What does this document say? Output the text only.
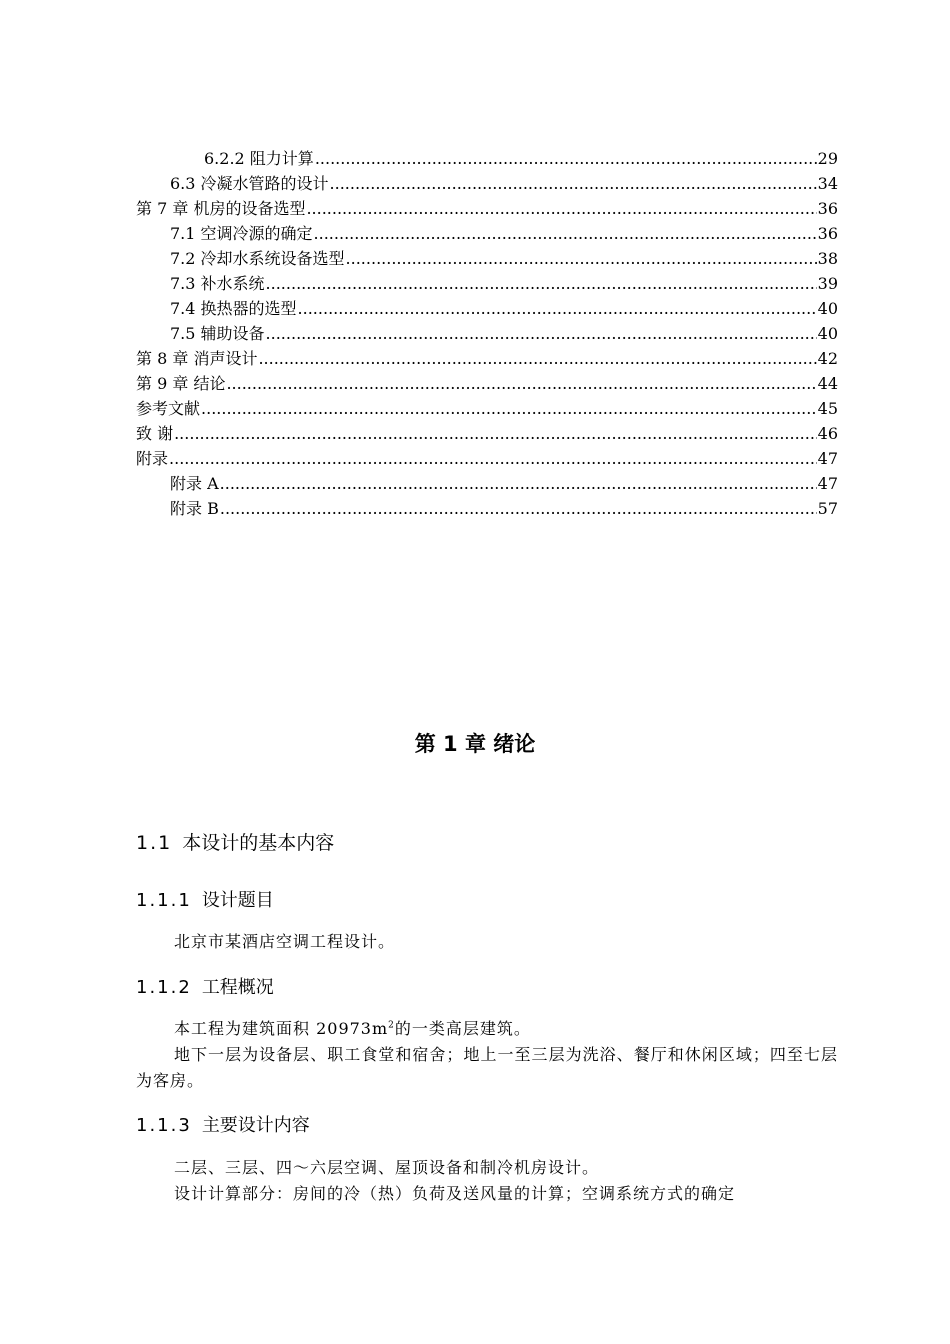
6.2.2 阻力计算 .....	29
6.3 冷凝水管路的设计 .....	34
第 7 章 机房的设备选型 .....	36
7.1 空调冷源的确定 .....	36
7.2 冷却水系统设备选型 .....	38
7.3 补水系统 .....	39
7.4 换热器的选型 .....	40
7.5 辅助设备 .....	40
第 8 章 消声设计 .....	42
第 9 章 结论 .....	44
参考文献 .....	45
致 谢 .....	46
附录 .....	47
附录 A .....	47
附录 B .....	57
第 1 章 绪论
1.1 本设计的基本内容
1.1.1 设计题目
北京市某酒店空调工程设计。
1.1.2 工程概况
本工程为建筑面积 $20973m^2$的一类高层建筑。
地下一层为设备层、职工食堂和宿舍；地上一至三层为洗浴、餐厅和休闲区域；四至七层为客房。
1.1.3 主要设计内容
二层、三层、四～六层空调、屋顶设备和制冷机房设计。
设计计算部分：房间的冷（热）负荷及送风量的计算；空调系统方式的确定
